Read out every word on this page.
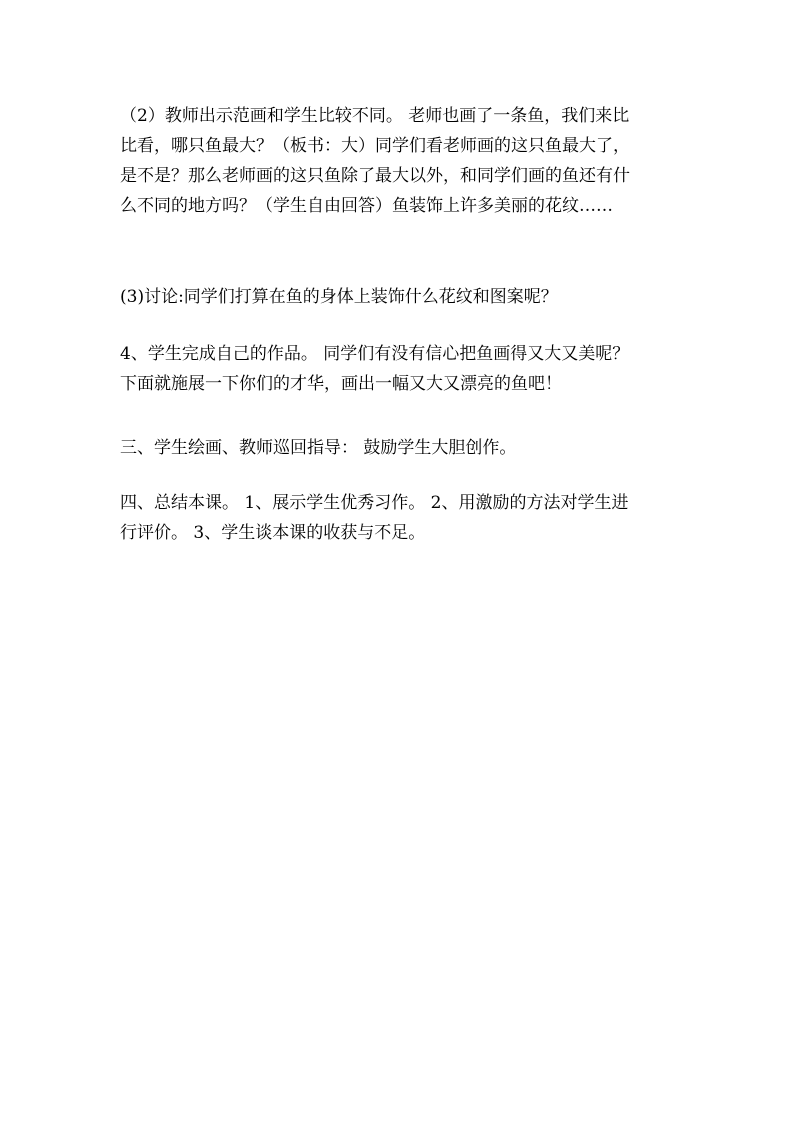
（2）教师出示范画和学生比较不同。 老师也画了一条鱼，我们来比
比看，哪只鱼最大？（板书：大）同学们看老师画的这只鱼最大了，
是不是？那么老师画的这只鱼除了最大以外，和同学们画的鱼还有什
么不同的地方吗？（学生自由回答）鱼装饰上许多美丽的花纹……

(3)讨论:同学们打算在鱼的身体上装饰什么花纹和图案呢？

4、学生完成自己的作品。 同学们有没有信心把鱼画得又大又美呢？
下面就施展一下你们的才华，画出一幅又大又漂亮的鱼吧！

三、学生绘画、教师巡回指导： 鼓励学生大胆创作。

四、总结本课。 1、展示学生优秀习作。 2、用激励的方法对学生进
行评价。 3、学生谈本课的收获与不足。
